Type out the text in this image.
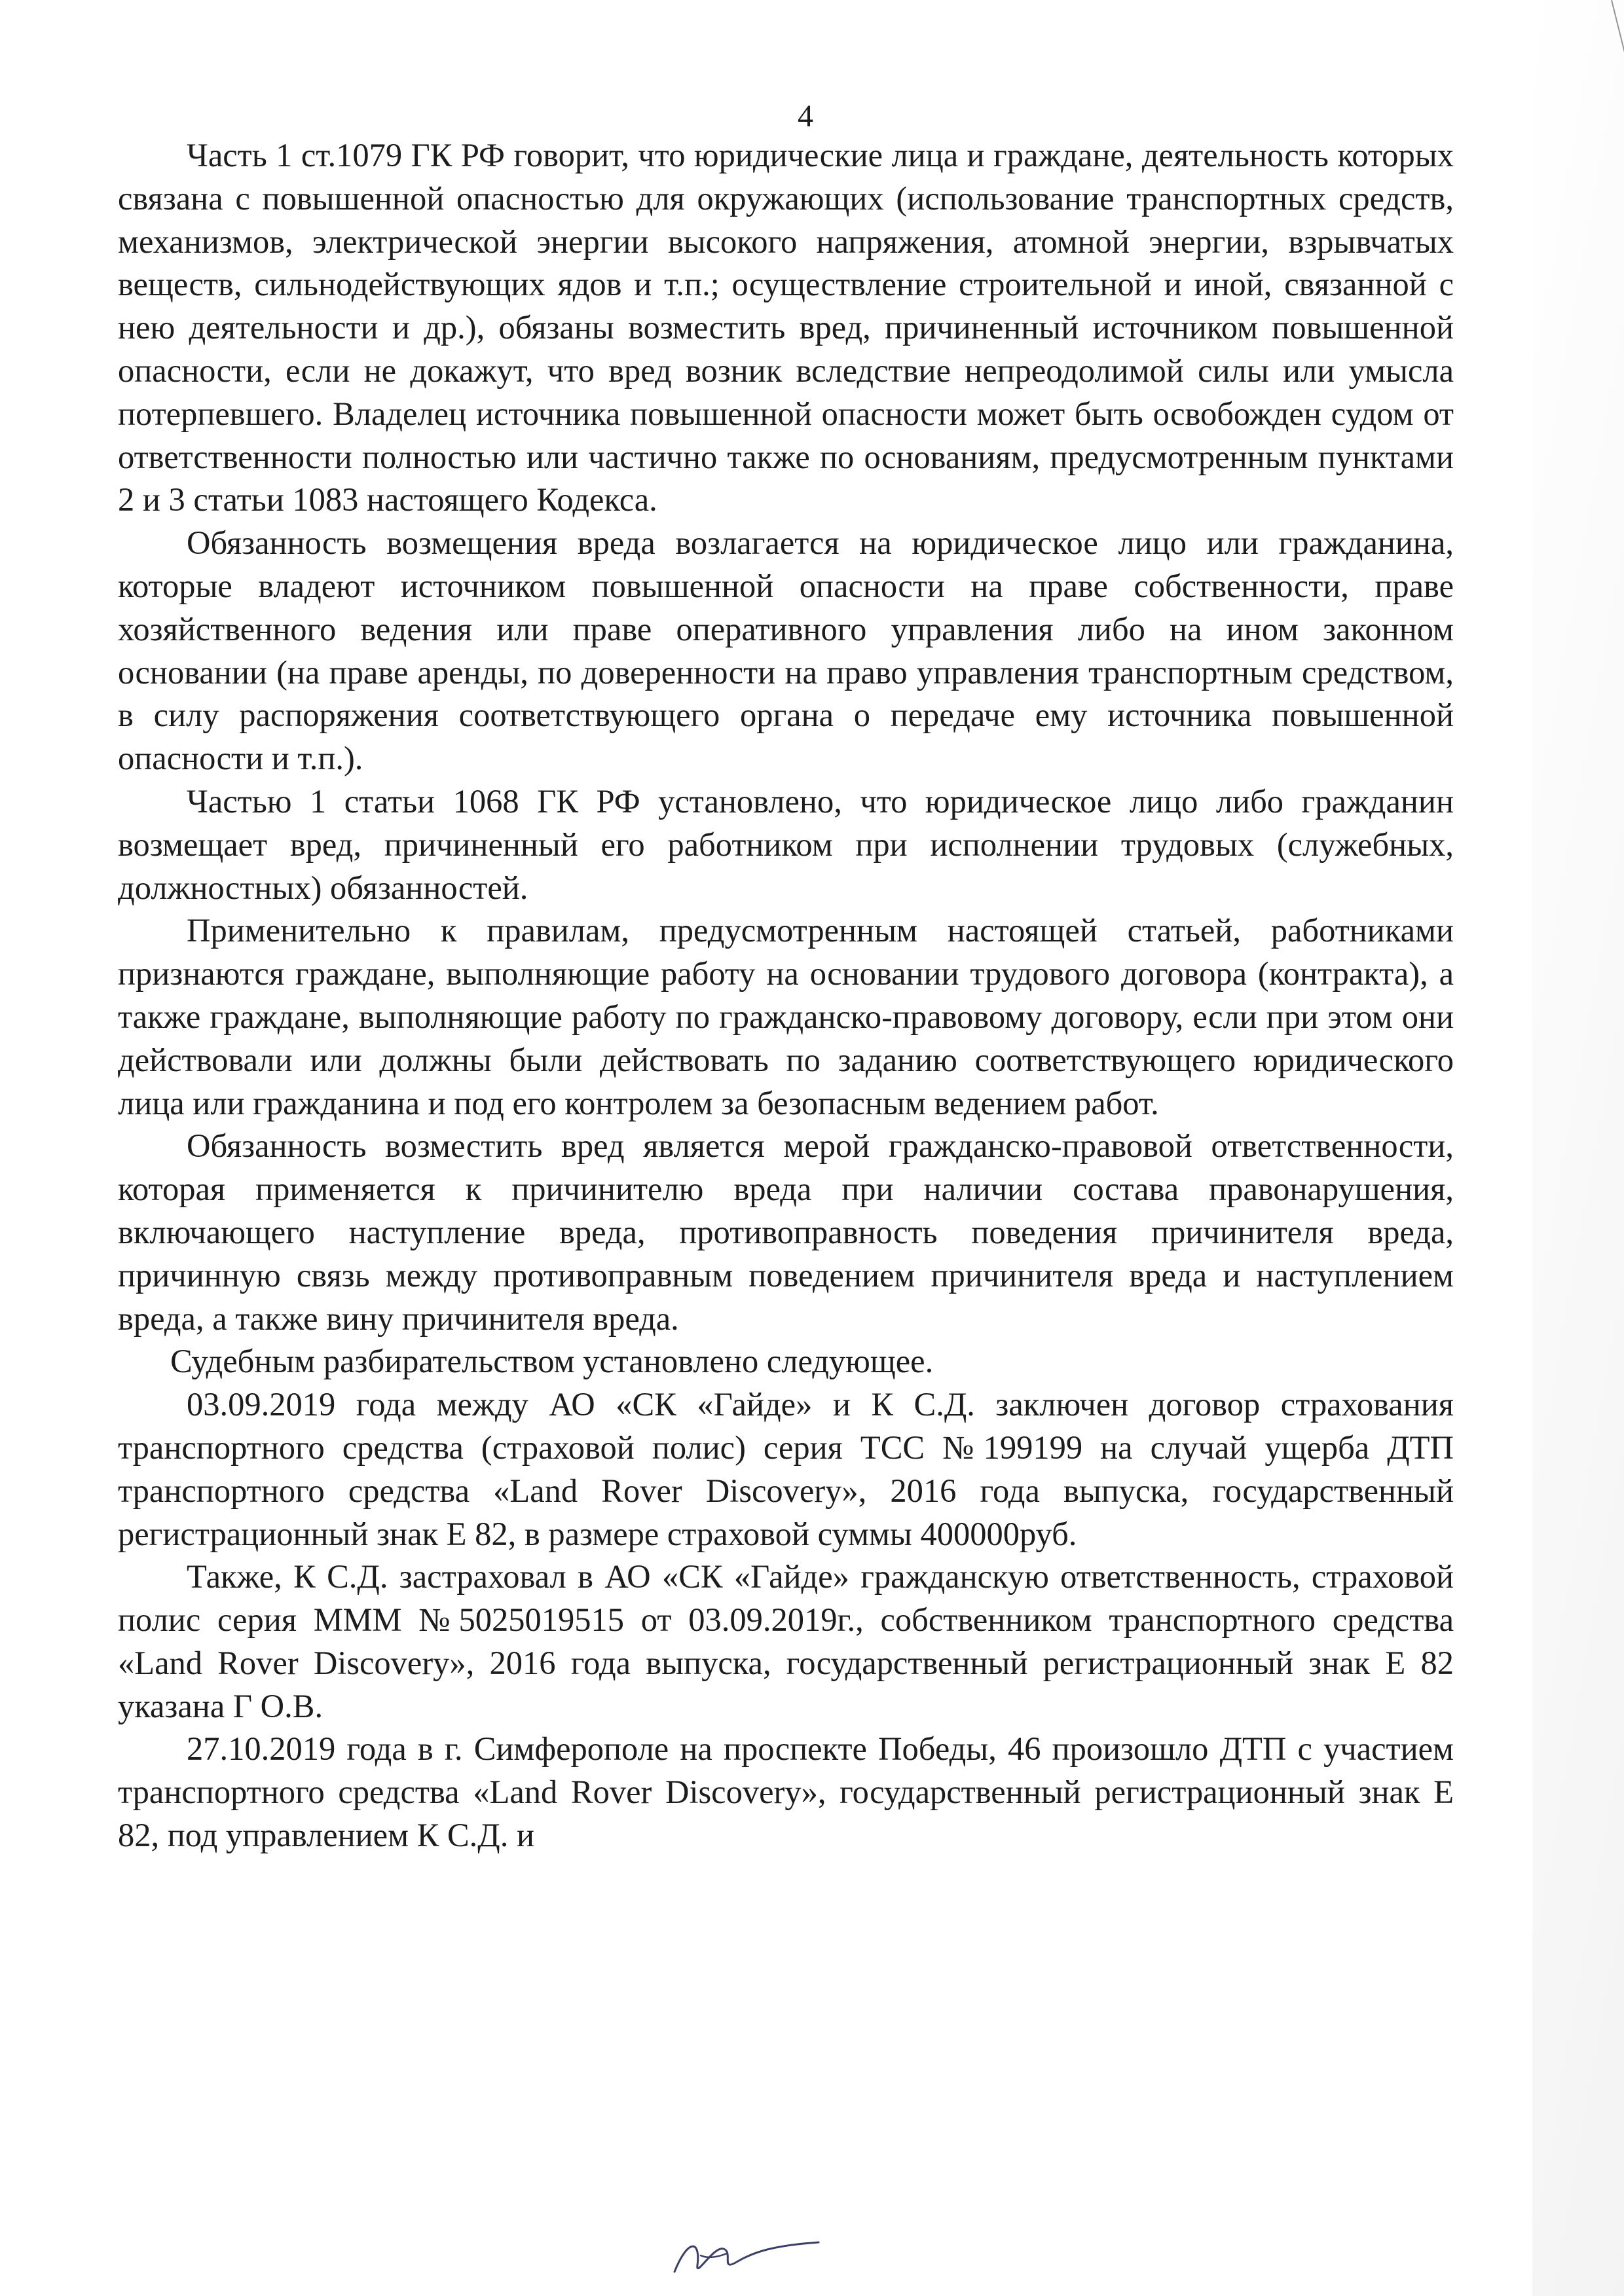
4

Часть 1 ст.1079 ГК РФ говорит, что юридические лица и граждане, деятельность которых связана с повышенной опасностью для окружающих (использование транспортных средств, механизмов, электрической энергии высокого напряжения, атомной энергии, взрывчатых веществ, сильнодействующих ядов и т.п.; осуществление строительной и иной, связанной с нею деятельности и др.), обязаны возместить вред, причиненный источником повышенной опасности, если не докажут, что вред возник вследствие непреодолимой силы или умысла потерпевшего. Владелец источника повышенной опасности может быть освобожден судом от ответственности полностью или частично также по основаниям, предусмотренным пунктами 2 и 3 статьи 1083 настоящего Кодекса.

Обязанность возмещения вреда возлагается на юридическое лицо или гражданина, которые владеют источником повышенной опасности на праве собственности, праве хозяйственного ведения или праве оперативного управления либо на ином законном основании (на праве аренды, по доверенности на право управления транспортным средством, в силу распоряжения соответствующего органа о передаче ему источника повышенной опасности и т.п.).

Частью 1 статьи 1068 ГК РФ установлено, что юридическое лицо либо гражданин возмещает вред, причиненный его работником при исполнении трудовых (служебных, должностных) обязанностей.

Применительно к правилам, предусмотренным настоящей статьей, работниками признаются граждане, выполняющие работу на основании трудового договора (контракта), а также граждане, выполняющие работу по гражданско-правовому договору, если при этом они действовали или должны были действовать по заданию соответствующего юридического лица или гражданина и под его контролем за безопасным ведением работ.

Обязанность возместить вред является мерой гражданско-правовой ответственности, которая применяется к причинителю вреда при наличии состава правонарушения, включающего наступление вреда, противоправность поведения причинителя вреда, причинную связь между противоправным поведением причинителя вреда и наступлением вреда, а также вину причинителя вреда.

Судебным разбирательством установлено следующее.

03.09.2019 года между АО «СК «Гайде» и К С.Д. заключен договор страхования транспортного средства (страховой полис) серия ТСС №199199 на случай ущерба ДТП транспортного средства «Land Rover Discovery», 2016 года выпуска, государственный регистрационный знак Е 82, в размере страховой суммы 400000руб.

Также, К С.Д. застраховал в АО «СК «Гайде» гражданскую ответственность, страховой полис серия МММ №5025019515 от 03.09.2019г., собственником транспортного средства «Land Rover Discovery», 2016 года выпуска, государственный регистрационный знак Е 82 указана Г О.В.

27.10.2019 года в г. Симферополе на проспекте Победы, 46 произошло ДТП с участием транспортного средства «Land Rover Discovery», государственный регистрационный знак Е 82, под управлением К С.Д. и
